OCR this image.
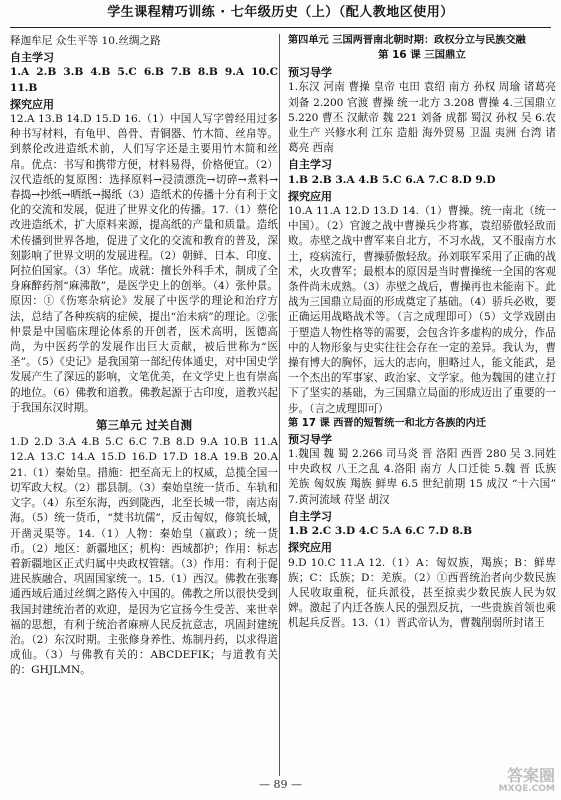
学生课程精巧训练 · 七年级历史（上）（配人教地区使用）

释迦牟尼 众生平等 10.丝绸之路

自主学习

1.A 2.B 3.B 4.B 5.C 6.B 7.B 8.B 9.A 10.C 11.B

探究应用

12.A 13.B 14.D 15.D 16.（1）中国人写字曾经用过多种书写材料，有龟甲、兽骨、青铜器、竹木简、丝帛等。到蔡伦改进造纸术前，人们写字还是主要用竹木简和丝帛。优点：书写和携带方便，材料易得，价格便宜。（2）汉代造纸的复原图：选择原料→浸渍漂洗→切碎→煮料→春捣→抄纸→晒纸→揭纸（3）造纸术的传播十分有利于文化的交流和发展，促进了世界文化的传播。17.（1）蔡伦改进造纸术，扩大原料来源，提高纸的产量和质量。造纸术传播到世界各地，促进了文化的交流和教育的普及，深刻影响了世界文明的发展进程。（2）朝鲜、日本、印度、阿拉伯国家。（3）华佗。成就：擅长外科手术，制成了全身麻醉药剂“麻沸散”，是医学史上的创举。（4）张仲景。原因：①《伤寒杂病论》发展了中医学的理论和治疗方法，总结了各种疾病的症候，提出“治未病”的理论。②张仲景是中国临床理论体系的开创者，医术高明，医德高尚，为中医药学的发展作出巨大贡献，被后世称为“医圣”。（5）《史记》是我国第一部纪传体通史，对中国史学发展产生了深远的影响，文笔优美，在文学史上也有崇高的地位。（6）佛教和道教。佛教起源于古印度，道教兴起于我国东汉时期。

第三单元 过关自测

1.D 2.D 3.A 4.B 5.C 6.C 7.B 8.D 9.A 10.B 11.A 12.A 13.C 14.A 15.D 16.D 17.D 18.A 19.B 20.A 21.（1）秦始皇。措施：把至高无上的权威，总揽全国一切军政大权。（2）郡县制。（3）秦始皇统一货币、车轨和文字。（4）东至东海，西到陇西，北至长城一带，南达南海。（5）统一货币，“焚书坑儒”，反击匈奴，修筑长城，开凿灵渠等。14.（1）人物：秦始皇（嬴政）；统一货币。（2）地区：新疆地区；机构：西域都护；作用：标志着新疆地区正式归属中央政权管辖。（3）作用：有利于促进民族融合、巩固国家统一。15.（1）西汉。佛教在张骞通西域后通过丝绸之路传入中国的。佛教之所以很快受到我国封建统治者的欢迎，是因为它宣扬今生受苦、来世幸福的思想，有利于统治者麻痹人民反抗意志，巩固封建统治。（2）东汉时期。主张修身养性、炼制丹药，以求得道成仙。（3）与佛教有关的：ABCDEFIK；与道教有关的：GHJLMN。

第四单元 三国两晋南北朝时期：政权分立与民族交融

第 16 课 三国鼎立

预习导学

1.东汉 河南 曹操 皇帝 屯田 袁绍 南方 孙权 周瑜 诸葛亮 刘备 2.200 官渡 曹操 统一北方 3.208 曹操 4.三国鼎立 5.220 曹丕 汉献帝 魏 221 刘备 成都 蜀汉 孙权 吴 6.农业生产 兴修水利 江东 造船 海外贸易 卫温 夷洲 台湾 诸葛亮 西南

自主学习

1.B 2.B 3.A 4.B 5.C 6.A 7.C 8.D 9.D

探究应用

10.A 11.A 12.D 13.D 14.（1）曹操。统一南北（统一中国）。（2）官渡之战中曹操兵少将寡，袁绍骄傲轻敌而败。赤壁之战中曹军来自北方，不习水战，又不服南方水土，疫病流行，曹操骄傲轻敌。孙刘联军采用了正确的战术，火攻曹军；最根本的原因是当时曹操统一全国的客观条件尚未成熟。（3）赤壁之战后，曹操再也未能南下。此战为三国鼎立局面的形成奠定了基础。（4）骄兵必败，要正确运用战略战术等。（言之成理即可）（5）文学戏剧由于塑造人物性格等的需要，会包含许多虚构的成分，作品中的人物形象与史实往往会存在一定的差异。我认为，曹操有博大的胸怀，远大的志向，胆略过人，能文能武，是一个杰出的军事家、政治家、文学家。他为魏国的建立打下了坚实的基础，为三国鼎立局面的形成迈出了重要的一步。（言之成理即可）

第 17 课 西晋的短暂统一和北方各族的内迁

预习导学

1.魏国 魏 蜀 2.266 司马炎 晋 洛阳 西晋 280 吴 3.同姓 中央政权 八王之乱 4.洛阳 南方 人口迁徙 5.魏 晋 氐族 羌族 匈奴族 羯族 鲜卑 6.5 世纪前期 15 成汉 “十六国” 7.黄河流域 苻坚 胡汉

自主学习

1.B 2.C 3.D 4.C 5.A 6.C 7.D 8.B

探究应用

9.D 10.C 11.A 12.（1）A：匈奴族，羯族；B：鲜卑族；C：氐族；D：羌族。（2）①西晋统治者向少数民族人民收取重税，征兵派役，甚至掠卖少数民族人民为奴婢。激起了内迁各族人民的强烈反抗，一些贵族首领也乘机起兵反晋。13.（1）晋武帝认为，曹魏削弱所封诸王

— 89 —	答案圈
MXQE.COM
